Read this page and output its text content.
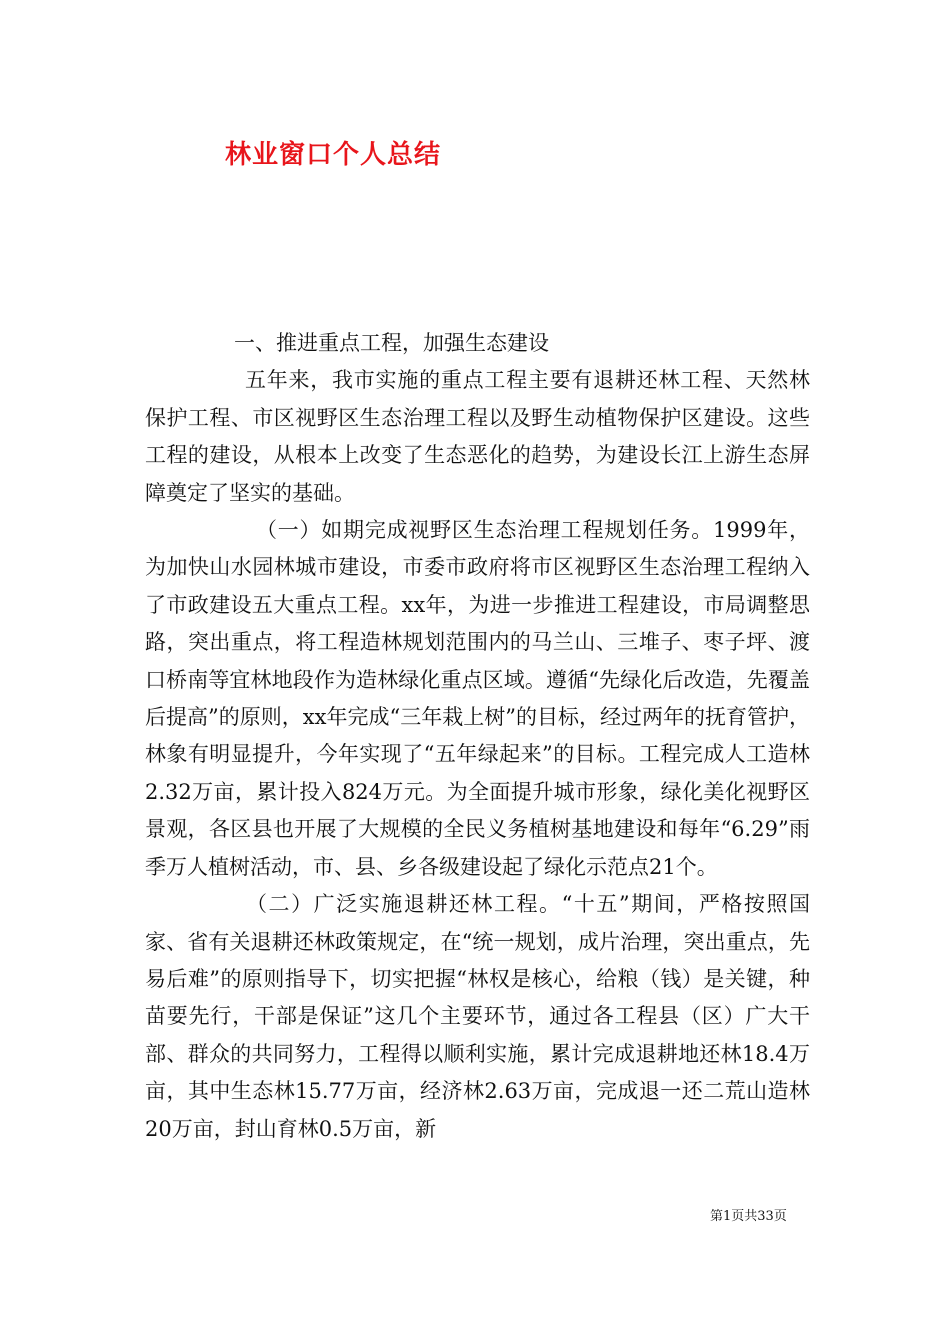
林业窗口个人总结

一、推进重点工程，加强生态建设

五年来，我市实施的重点工程主要有退耕还林工程、天然林保护工程、市区视野区生态治理工程以及野生动植物保护区建设。这些工程的建设，从根本上改变了生态恶化的趋势，为建设长江上游生态屏障奠定了坚实的基础。

（一）如期完成视野区生态治理工程规划任务。1999年，为加快山水园林城市建设，市委市政府将市区视野区生态治理工程纳入了市政建设五大重点工程。xx年，为进一步推进工程建设，市局调整思路，突出重点，将工程造林规划范围内的马兰山、三堆子、枣子坪、渡口桥南等宜林地段作为造林绿化重点区域。遵循“先绿化后改造，先覆盖后提高”的原则，xx年完成“三年栽上树”的目标，经过两年的抚育管护，林象有明显提升，今年实现了“五年绿起来”的目标。工程完成人工造林2.32万亩，累计投入824万元。为全面提升城市形象，绿化美化视野区景观，各区县也开展了大规模的全民义务植树基地建设和每年“6.29”雨季万人植树活动，市、县、乡各级建设起了绿化示范点21个。

（二）广泛实施退耕还林工程。“十五”期间，严格按照国家、省有关退耕还林政策规定，在“统一规划，成片治理，突出重点，先易后难”的原则指导下，切实把握“林权是核心，给粮（钱）是关键，种苗要先行，干部是保证”这几个主要环节，通过各工程县（区）广大干部、群众的共同努力，工程得以顺利实施，累计完成退耕地还林18.4万亩，其中生态林15.77万亩，经济林2.63万亩，完成退一还二荒山造林20万亩，封山育林0.5万亩，新

第1页共33页
